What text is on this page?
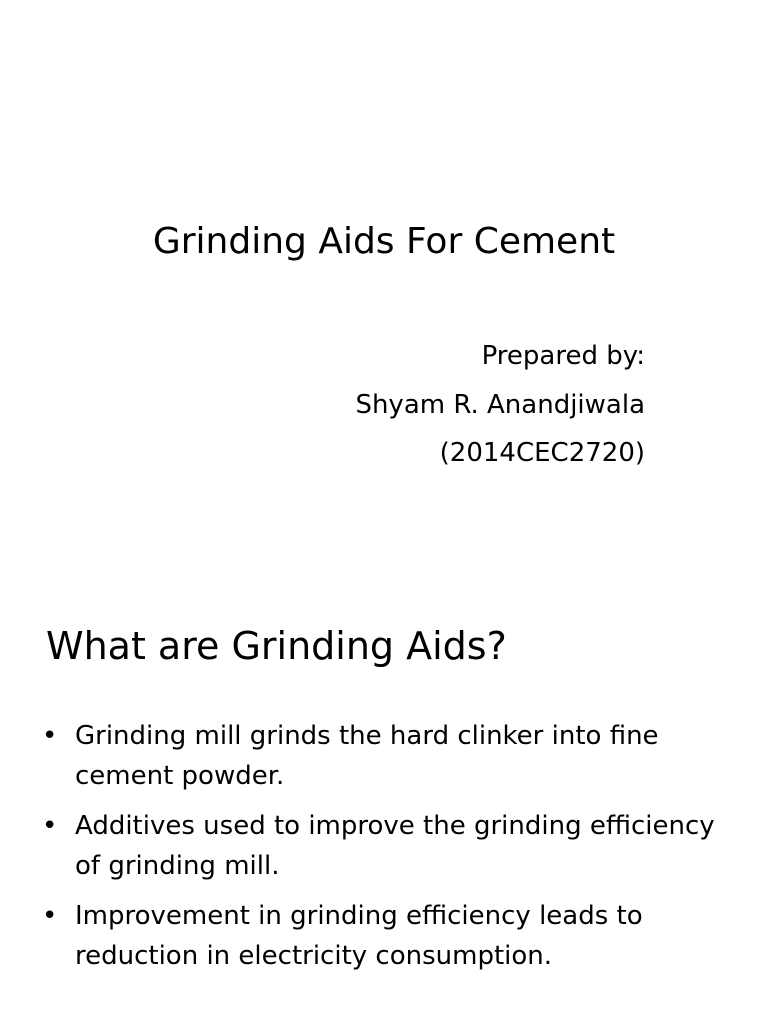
Grinding Aids For Cement
Prepared by:
Shyam R. Anandjiwala
(2014CEC2720)
What are Grinding Aids?
• Grinding mill grinds the hard clinker into fine cement powder.
• Additives used to improve the grinding efficiency of grinding mill.
• Improvement in grinding efficiency leads to reduction in electricity consumption.
